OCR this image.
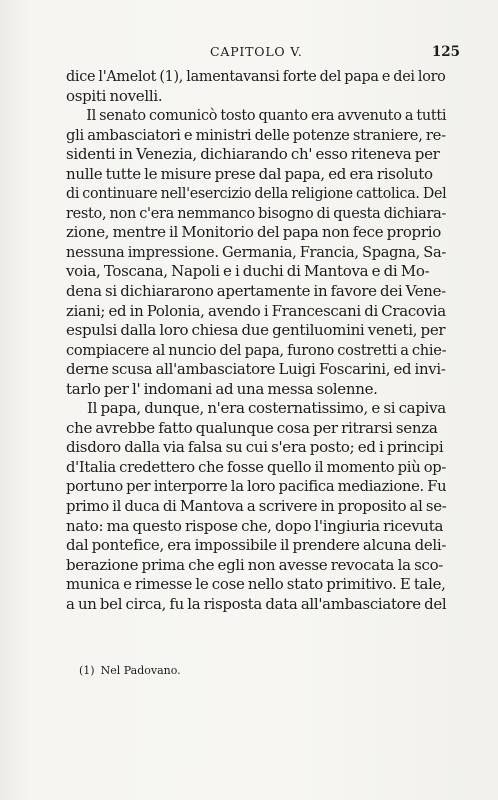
CAPITOLO V.	125
dice l'Amelot (1), lamentavansi forte del papa e dei loro
ospiti novelli.
Il senato comunicò tosto quanto era avvenuto a tutti
gli ambasciatori e ministri delle potenze straniere, re-
sidenti in Venezia, dichiarando ch' esso riteneva per
nulle tutte le misure prese dal papa, ed era risoluto
di continuare nell'esercizio della religione cattolica. Del
resto, non c'era nemmanco bisogno di questa dichiara-
zione, mentre il Monitorio del papa non fece proprio
nessuna impressione. Germania, Francia, Spagna, Sa-
voia, Toscana, Napoli e i duchi di Mantova e di Mo-
dena si dichiararono apertamente in favore dei Vene-
ziani; ed in Polonia, avendo i Francescani di Cracovia
espulsi dalla loro chiesa due gentiluomini veneti, per
compiacere al nuncio del papa, furono costretti a chie-
derne scusa all'ambasciatore Luigi Foscarini, ed invi-
tarlo per l' indomani ad una messa solenne.
Il papa, dunque, n'era costernatissimo, e si capiva
che avrebbe fatto qualunque cosa per ritrarsi senza
disdoro dalla via falsa su cui s'era posto; ed i principi
d'Italia credettero che fosse quello il momento più op-
portuno per interporre la loro pacifica mediazione. Fu
primo il duca di Mantova a scrivere in proposito al se-
nato: ma questo rispose che, dopo l'ingiuria ricevuta
dal pontefice, era impossibile il prendere alcuna deli-
berazione prima che egli non avesse revocata la sco-
munica e rimesse le cose nello stato primitivo. E tale,
a un bel circa, fu la risposta data all'ambasciatore del
(1) Nel Padovano.
